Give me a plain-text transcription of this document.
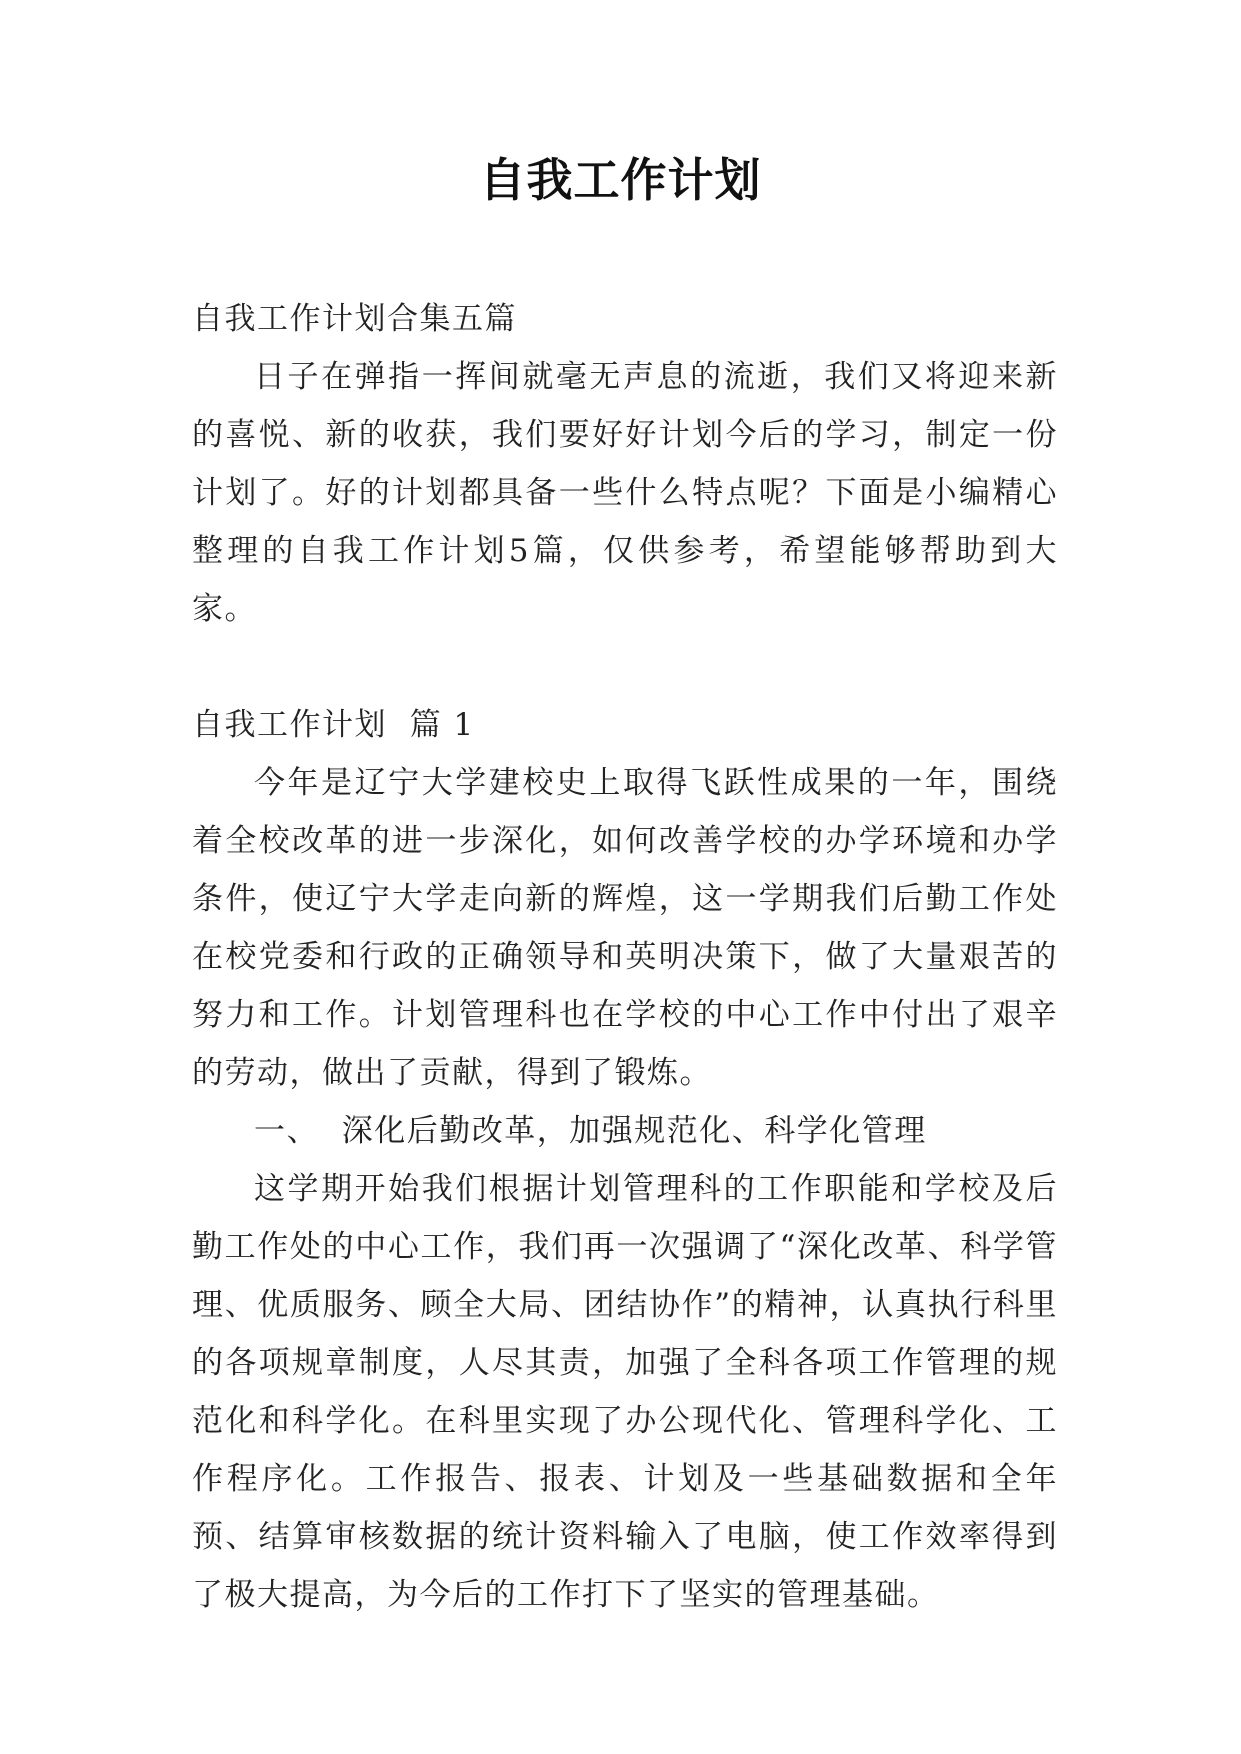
自我工作计划

自我工作计划合集五篇

日子在弹指一挥间就毫无声息的流逝，我们又将迎来新的喜悦、新的收获，我们要好好计划今后的学习，制定一份计划了。好的计划都具备一些什么特点呢？下面是小编精心整理的自我工作计划5篇，仅供参考，希望能够帮助到大家。

自我工作计划  篇 1

今年是辽宁大学建校史上取得飞跃性成果的一年，围绕着全校改革的进一步深化，如何改善学校的办学环境和办学条件，使辽宁大学走向新的辉煌，这一学期我们后勤工作处在校党委和行政的正确领导和英明决策下，做了大量艰苦的努力和工作。计划管理科也在学校的中心工作中付出了艰辛的劳动，做出了贡献，得到了锻炼。

一、  深化后勤改革，加强规范化、科学化管理

这学期开始我们根据计划管理科的工作职能和学校及后勤工作处的中心工作，我们再一次强调了“深化改革、科学管理、优质服务、顾全大局、团结协作”的精神，认真执行科里的各项规章制度，人尽其责，加强了全科各项工作管理的规范化和科学化。在科里实现了办公现代化、管理科学化、工作程序化。工作报告、报表、计划及一些基础数据和全年预、结算审核数据的统计资料输入了电脑，使工作效率得到了极大提高，为今后的工作打下了坚实的管理基础。
